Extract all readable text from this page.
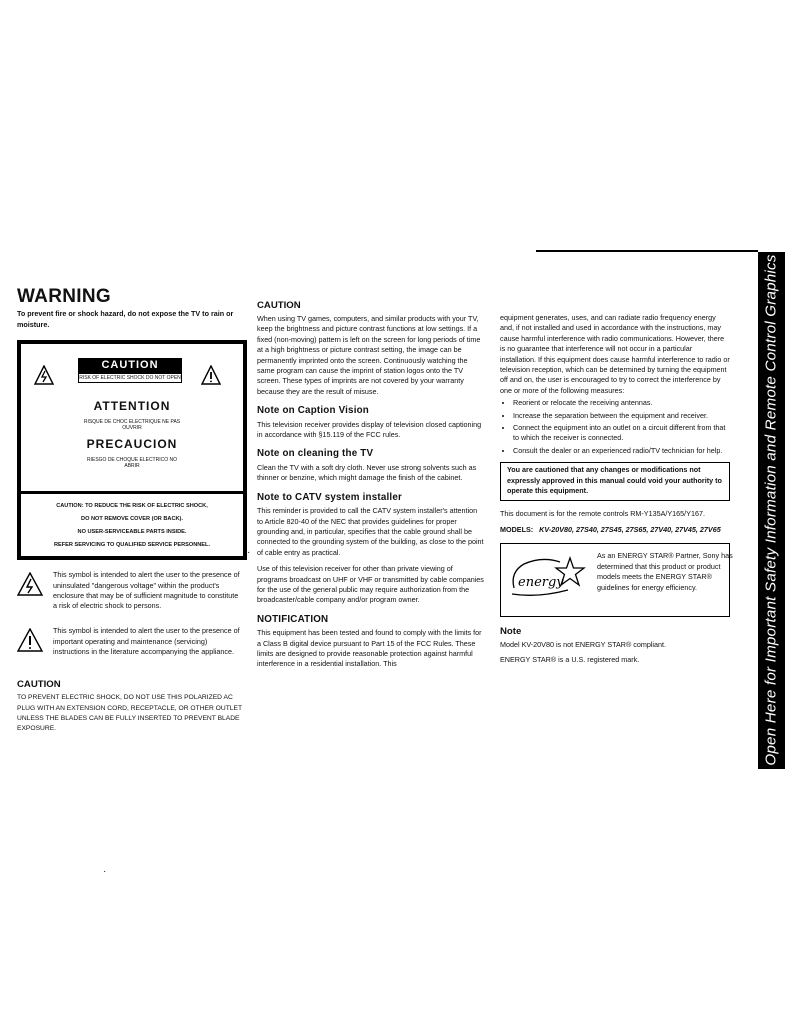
WARNING

To prevent fire or shock hazard, do not expose the TV to rain or moisture.

CAUTION
RISK OF ELECTRIC SHOCK DO NOT OPEN
ATTENTION
RISQUE DE CHOC ELECTRIQUE NE PAS OUVRIR
PRECAUCION
RIESGO DE CHOQUE ELECTRICO NO ABRIR
CAUTION: TO REDUCE THE RISK OF ELECTRIC SHOCK,
DO NOT REMOVE COVER (OR BACK).
NO USER-SERVICEABLE PARTS INSIDE.
REFER SERVICING TO QUALIFIED SERVICE PERSONNEL.
This symbol is intended to alert the user to the presence of uninsulated "dangerous voltage" within the product's enclosure that may be of sufficient magnitude to constitute a risk of electric shock to persons.
This symbol is intended to alert the user to the presence of important operating and maintenance (servicing) instructions in the literature accompanying the appliance.
CAUTION

TO PREVENT ELECTRIC SHOCK, DO NOT USE THIS POLARIZED AC PLUG WITH AN EXTENSION CORD, RECEPTACLE, OR OTHER OUTLET UNLESS THE BLADES CAN BE FULLY INSERTED TO PREVENT BLADE EXPOSURE.

CAUTION

When using TV games, computers, and similar products with your TV, keep the brightness and picture contrast functions at low settings. If a fixed (non-moving) pattern is left on the screen for long periods of time at a high brightness or picture contrast setting, the image can be permanently imprinted onto the screen. Continuously watching the same program can cause the imprint of station logos onto the TV screen. These types of imprints are not covered by your warranty because they are the result of misuse.

Note on Caption Vision

This television receiver provides display of television closed captioning in accordance with §15.119 of the FCC rules.

Note on cleaning the TV

Clean the TV with a soft dry cloth. Never use strong solvents such as thinner or benzine, which might damage the finish of the cabinet.

Note to CATV system installer

This reminder is provided to call the CATV system installer's attention to Article 820-40 of the NEC that provides guidelines for proper grounding and, in particular, specifies that the cable ground shall be connected to the grounding system of the building, as close to the point of cable entry as practical.

Use of this television receiver for other than private viewing of programs broadcast on UHF or VHF or transmitted by cable companies for the use of the general public may require authorization from the broadcaster/cable company and/or program owner.

NOTIFICATION

This equipment has been tested and found to comply with the limits for a Class B digital device pursuant to Part 15 of the FCC Rules. These limits are designed to provide reasonable protection against harmful interference in a residential installation. This

equipment generates, uses, and can radiate radio frequency energy and, if not installed and used in accordance with the instructions, may cause harmful interference with radio communications. However, there is no guarantee that interference will not occur in a particular installation. If this equipment does cause harmful interference to radio or television reception, which can be determined by turning the equipment off and on, the user is encouraged to try to correct the interference by one or more of the following measures:

• Reorient or relocate the receiving antennas.
• Increase the separation between the equipment and receiver.
• Connect the equipment into an outlet on a circuit different from that to which the receiver is connected.
• Consult the dealer or an experienced radio/TV technician for help.
You are cautioned that any changes or modifications not expressly approved in this manual could void your authority to operate this equipment.

This document is for the remote controls RM-Y135A/Y165/Y167.

MODELS: KV-20V80, 27S40, 27S45, 27S65, 27V40, 27V45, 27V65
energy
As an ENERGY STAR® Partner, Sony has determined that this product or product models meets the ENERGY STAR® guidelines for energy efficiency.
Note

Model KV-20V80 is not ENERGY STAR® compliant.

ENERGY STAR® is a U.S. registered mark.	Open Here for Important Safety Information and Remote Control Graphics
·
·
